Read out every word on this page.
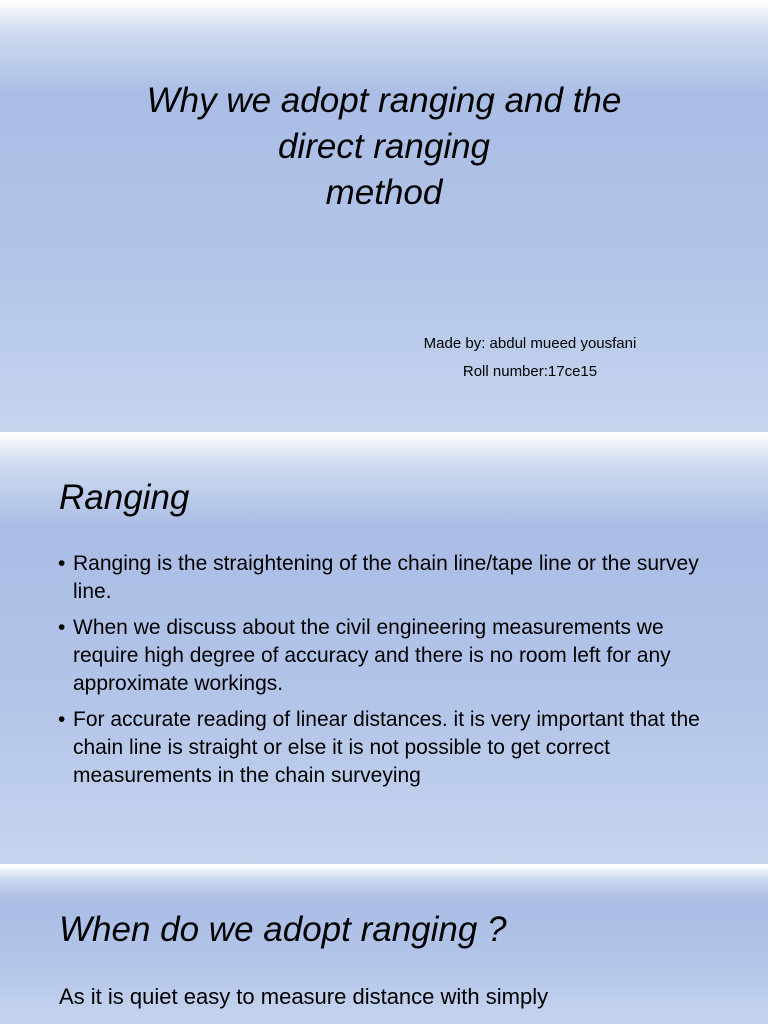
Why we adopt ranging and the
direct ranging
method
Made by: abdul mueed yousfani
Roll number:17ce15
Ranging
• Ranging is the straightening of the chain line/tape line or the survey line.
• When we discuss about the civil engineering measurements we require high degree of accuracy and there is no room left for any approximate workings.
• For accurate reading of linear distances. it is very important that the chain line is straight or else it is not possible to get correct measurements in the chain surveying
When do we adopt ranging ?
As it is quiet easy to measure distance with simply
